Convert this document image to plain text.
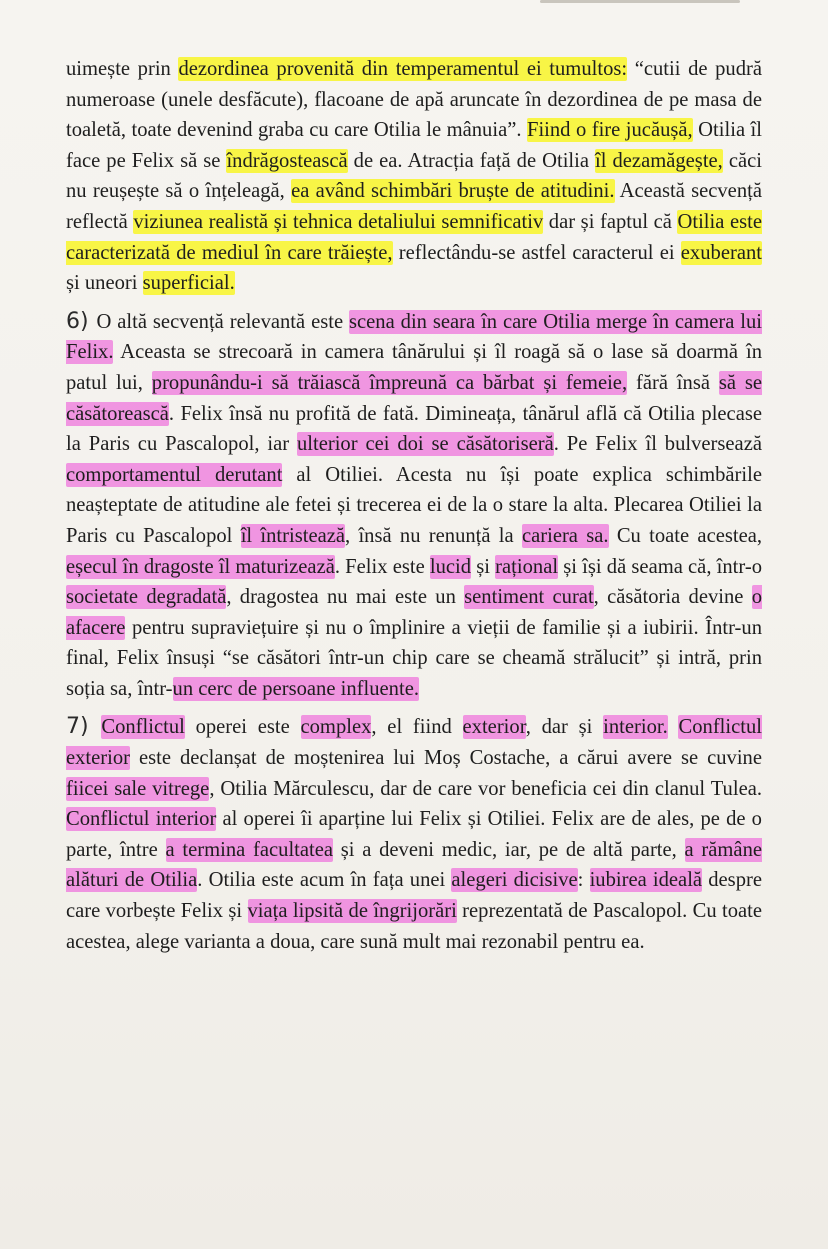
uimește prin dezordinea provenită din temperamentul ei tumultos: “cutii de pudră numeroase (unele desfăcute), flacoane de apă aruncate în dezordinea de pe masa de toaletă, toate devenind graba cu care Otilia le mânuia”. Fiind o fire jucăușă, Otilia îl face pe Felix să se îndrăgostească de ea. Atracția față de Otilia îl dezamăgește, căci nu reușește să o înțeleagă, ea având schimbări bruște de atitudini. Această secvență reflectă viziunea realistă și tehnica detaliului semnificativ dar și faptul că Otilia este caracterizată de mediul în care trăiește, reflectându-se astfel caracterul ei exuberant și uneori superficial.

6) O altă secvență relevantă este scena din seara în care Otilia merge în camera lui Felix. Aceasta se strecoară in camera tânărului și îl roagă să o lase să doarmă în patul lui, propunându-i să trăiască împreună ca bărbat și femeie, fără însă să se căsătorească. Felix însă nu profită de fată. Dimineața, tânărul află că Otilia plecase la Paris cu Pascalopol, iar ulterior cei doi se căsătoriseră. Pe Felix îl bulversează comportamentul derutant al Otiliei. Acesta nu își poate explica schimbările neașteptate de atitudine ale fetei și trecerea ei de la o stare la alta. Plecarea Otiliei la Paris cu Pascalopol îl întristează, însă nu renunță la cariera sa. Cu toate acestea, eșecul în dragoste îl maturizează. Felix este lucid și rațional și își dă seama că, într-o societate degradată, dragostea nu mai este un sentiment curat, căsătoria devine o afacere pentru supraviețuire și nu o împlinire a vieții de familie și a iubirii. Într-un final, Felix însuși “se căsători într-un chip care se cheamă strălucit” și intră, prin soția sa, într-un cerc de persoane influente.

7) Conflictul operei este complex, el fiind exterior, dar și interior. Conflictul exterior este declanșat de moștenirea lui Moș Costache, a cărui avere se cuvine fiicei sale vitrege, Otilia Mărculescu, dar de care vor beneficia cei din clanul Tulea. Conflictul interior al operei îi aparține lui Felix și Otiliei. Felix are de ales, pe de o parte, între a termina facultatea și a deveni medic, iar, pe de altă parte, a rămâne alături de Otilia. Otilia este acum în fața unei alegeri dicisive: iubirea ideală despre care vorbește Felix și viața lipsită de îngrijorări reprezentată de Pascalopol. Cu toate acestea, alege varianta a doua, care sună mult mai rezonabil pentru ea.
